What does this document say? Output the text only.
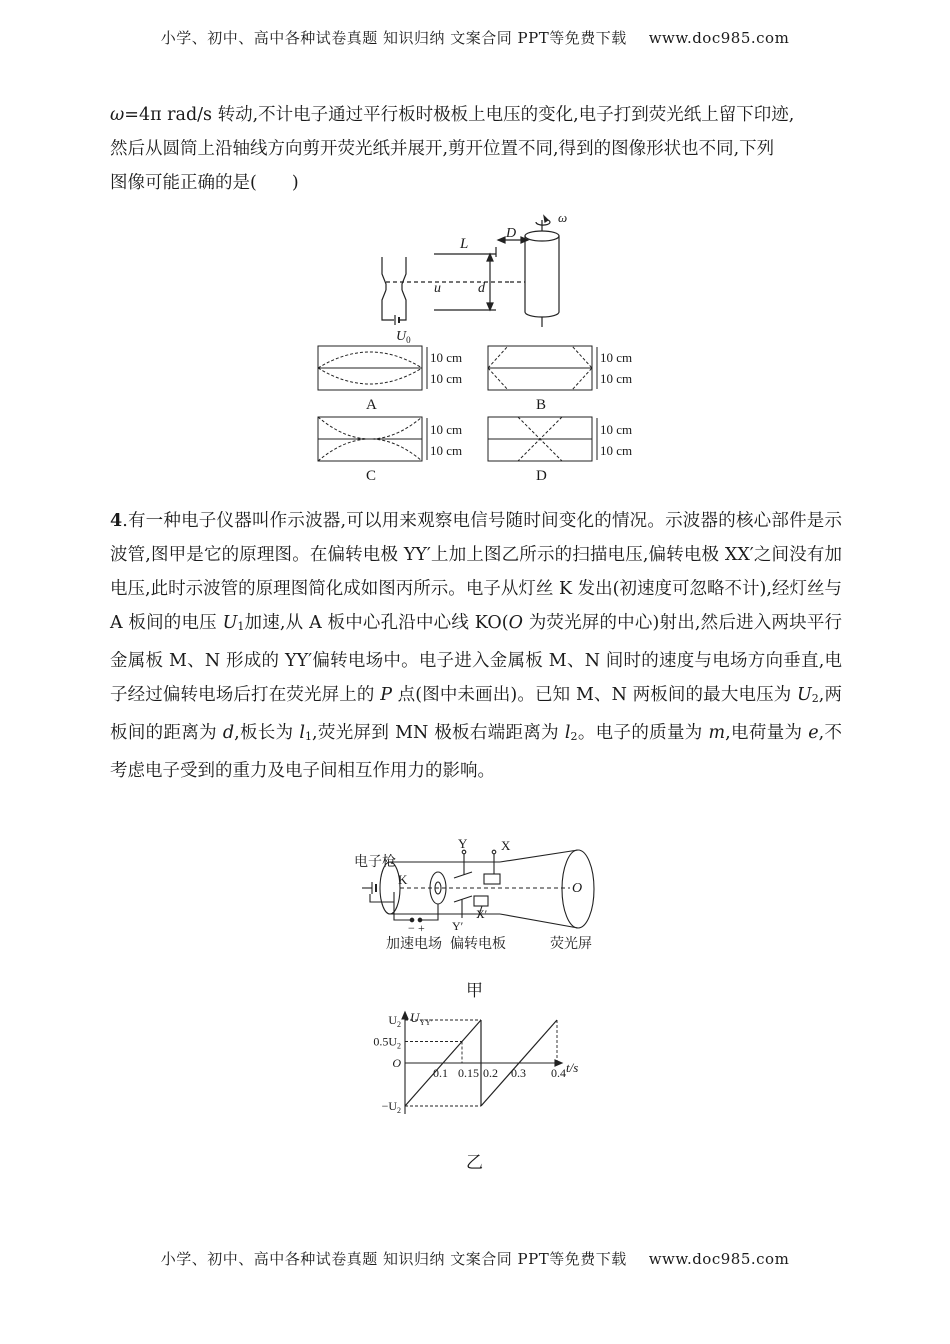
小学、初中、高中各种试卷真题 知识归纳 文案合同 PPT等免费下载 www.doc985.com
ω=4π rad/s 转动,不计电子通过平行板时极板上电压的变化,电子打到荧光纸上留下印迹,
然后从圆筒上沿轴线方向剪开荧光纸并展开,剪开位置不同,得到的图像形状也不同,下列
图像可能正确的是(　　)
L
D
ω
u	d
$U_0$
10 cm
10 cm
10 cm
10 cm
10 cm
10 cm
10 cm
10 cm
A	B
C	D
4.有一种电子仪器叫作示波器,可以用来观察电信号随时间变化的情况。示波器的核心部件是示波管,图甲是它的原理图。在偏转电极 YY′上加上图乙所示的扫描电压,偏转电极 XX′之间没有加电压,此时示波管的原理图简化成如图丙所示。电子从灯丝 K 发出(初速度可忽略不计),经灯丝与 A 板间的电压 $U_1$加速,从 A 板中心孔沿中心线 KO(O 为荧光屏的中心)射出,然后进入两块平行金属板 M、N 形成的 YY′偏转电场中。电子进入金属板 M、N 间时的速度与电场方向垂直,电子经过偏转电场后打在荧光屏上的 P 点(图中未画出)。已知 M、N 两板间的最大电压为 $U_2$,两板间的距离为 d,板长为 $l_1$,荧光屏到 MN 极板右端距离为 $l_2$。电子的质量为 m,电荷量为 e,不考虑电子受到的重力及电子间相互作用力的影响。
电子枪
K
Y	X
Y′
X′
O
− +
加速电场 偏转电板	荧光屏
甲
0.1 0.15 0.2 0.3 0.4
$U_2$
$0.5U_2$
O
$-U_2$
$U_{YY'}$
t/s
乙
小学、初中、高中各种试卷真题 知识归纳 文案合同 PPT等免费下载 www.doc985.com
